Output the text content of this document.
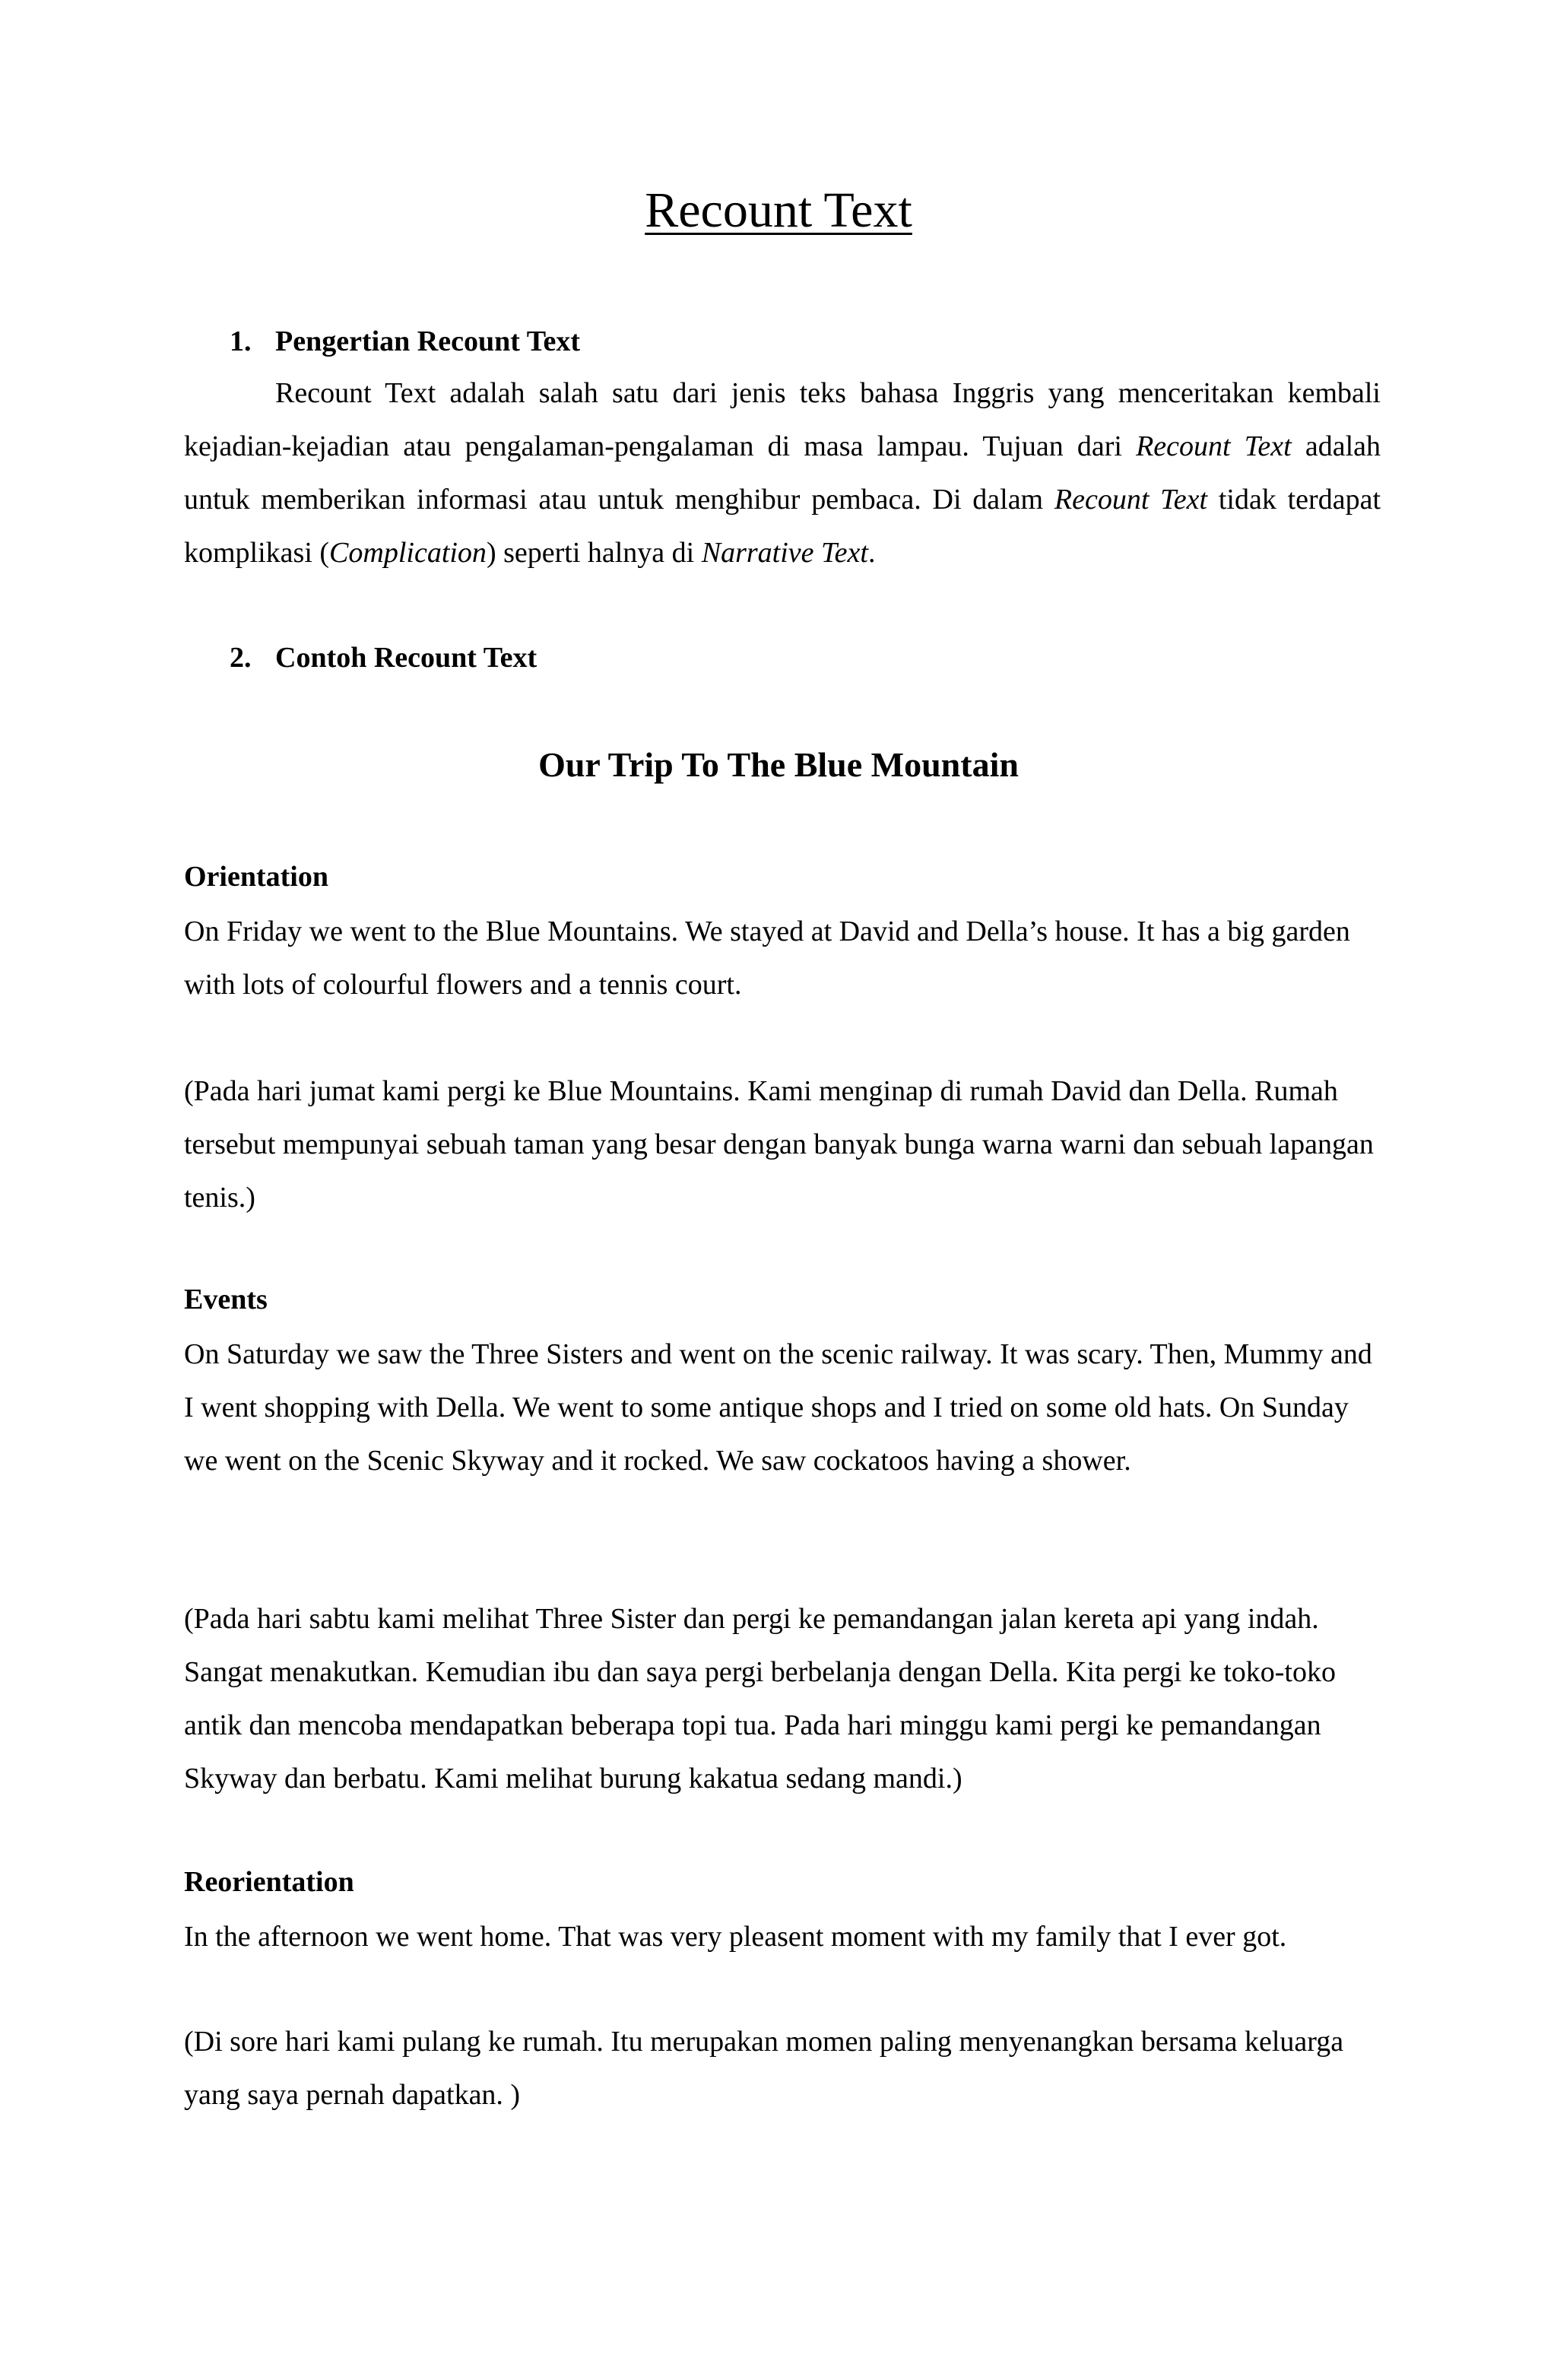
Recount Text
1. Pengertian Recount Text

Recount Text adalah salah satu dari jenis teks bahasa Inggris yang menceritakan kembali kejadian-kejadian atau pengalaman-pengalaman di masa lampau. Tujuan dari Recount Text adalah untuk memberikan informasi atau untuk menghibur pembaca. Di dalam Recount Text tidak terdapat komplikasi (Complication) seperti halnya di Narrative Text.

2. Contoh Recount Text
Our Trip To The Blue Mountain
Orientation

On Friday we went to the Blue Mountains. We stayed at David and Della’s house. It has a big garden with lots of colourful flowers and a tennis court.

(Pada hari jumat kami pergi ke Blue Mountains. Kami menginap di rumah David dan Della. Rumah tersebut mempunyai sebuah taman yang besar dengan banyak bunga warna warni dan sebuah lapangan tenis.)

Events

On Saturday we saw the Three Sisters and went on the scenic railway. It was scary. Then, Mummy and I went shopping with Della. We went to some antique shops and I tried on some old hats. On Sunday we went on the Scenic Skyway and it rocked. We saw cockatoos having a shower.

(Pada hari sabtu kami melihat Three Sister dan pergi ke pemandangan jalan kereta api yang indah. Sangat menakutkan. Kemudian ibu dan saya pergi berbelanja dengan Della. Kita pergi ke toko-toko antik dan mencoba mendapatkan beberapa topi tua. Pada hari minggu kami pergi ke pemandangan Skyway dan berbatu. Kami melihat burung kakatua sedang mandi.)

Reorientation

In the afternoon we went home. That was very pleasent moment with my family that I ever got.

(Di sore hari kami pulang ke rumah. Itu merupakan momen paling menyenangkan bersama keluarga yang saya pernah dapatkan. )
